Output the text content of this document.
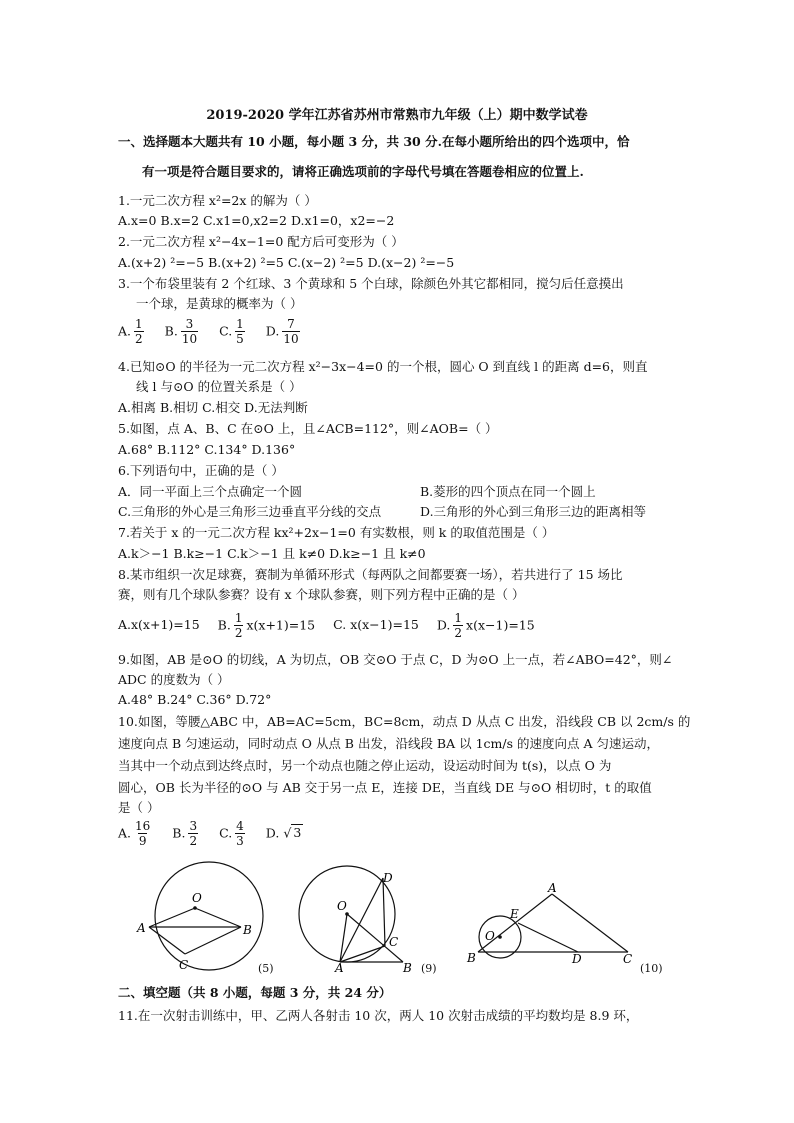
2019-2020 学年江苏省苏州市常熟市九年级（上）期中数学试卷
一、选择题本大题共有 10 小题，每小题 3 分，共 30 分.在每小题所给出的四个选项中，恰
有一项是符合题目要求的，请将正确选项前的字母代号填在答题卷相应的位置上.
1.一元二次方程 x²=2x 的解为（ ）
A.x=0 B.x=2 C.x1=0,x2=2 D.x1=0，x2=−2
2.一元二次方程 x²−4x−1=0 配方后可变形为（ ）
A.(x+2) ²=−5 B.(x+2) ²=5 C.(x−2) ²=5 D.(x−2) ²=−5
3.一个布袋里装有 2 个红球、3 个黄球和 5 个白球，除颜色外其它都相同，搅匀后任意摸出
一个球，是黄球的概率为（ ）
A. $\frac{1}{2} B$. $\frac{3}{10} C$. $\frac{1}{5} D$. $\frac{7}{10}$
4.已知⊙O 的半径为一元二次方程 x²−3x−4=0 的一个根，圆心 O 到直线 l 的距离 d=6，则直
线 l 与⊙O 的位置关系是（ ）
A.相离 B.相切 C.相交 D.无法判断
5.如图，点 A、B、C 在⊙O 上，且∠ACB=112°，则∠AOB=（ ）
A.68° B.112° C.134° D.136°
6.下列语句中，正确的是（ ）
A．同一平面上三个点确定一个圆	B.菱形的四个顶点在同一个圆上
C.三角形的外心是三角形三边垂直平分线的交点	D.三角形的外心到三角形三边的距离相等
7.若关于 x 的一元二次方程 kx²+2x−1=0 有实数根，则 k 的取值范围是（ ）
A.k＞−1 B.k≥−1 C.k＞−1 且 k≠0 D.k≥−1 且 k≠0
8.某市组织一次足球赛，赛制为单循环形式（每两队之间都要赛一场），若共进行了 15 场比
赛，则有几个球队参赛？设有 x 个球队参赛，则下列方程中正确的是（ ）
A.x(x+1)=15 B. $\frac{1}{2} x(x+1)=15$ C. x(x−1)=15 D. $\frac{1}{2} x(x-1)=15$
9.如图，AB 是⊙O 的切线，A 为切点，OB 交⊙O 于点 C，D 为⊙O 上一点，若∠ABO=42°，则∠
ADC 的度数为（ ）
A.48° B.24° C.36° D.72°
10.如图，等腰△ABC 中，AB=AC=5cm，BC=8cm，动点 D 从点 C 出发，沿线段 CB 以 2cm/s 的
速度向点 B 匀速运动，同时动点 O 从点 B 出发，沿线段 BA 以 1cm/s 的速度向点 A 匀速运动，
当其中一个动点到达终点时，另一个动点也随之停止运动，设运动时间为 t(s)，以点 O 为
圆心，OB 长为半径的⊙O 与 AB 交于另一点 E，连接 DE，当直线 DE 与⊙O 相切时，t 的取值
是（ ）
A. $\frac{16}{9} B$. $\frac{3}{2} C$. $\frac{4}{3} D$. √ 3
O
A	B
C	(5)
O
A	B
C
D
(9)
A
B	C
D
E
O
(10)
二、填空题（共 8 小题，每题 3 分，共 24 分）
11.在一次射击训练中，甲、乙两人各射击 10 次，两人 10 次射击成绩的平均数均是 8.9 环，
